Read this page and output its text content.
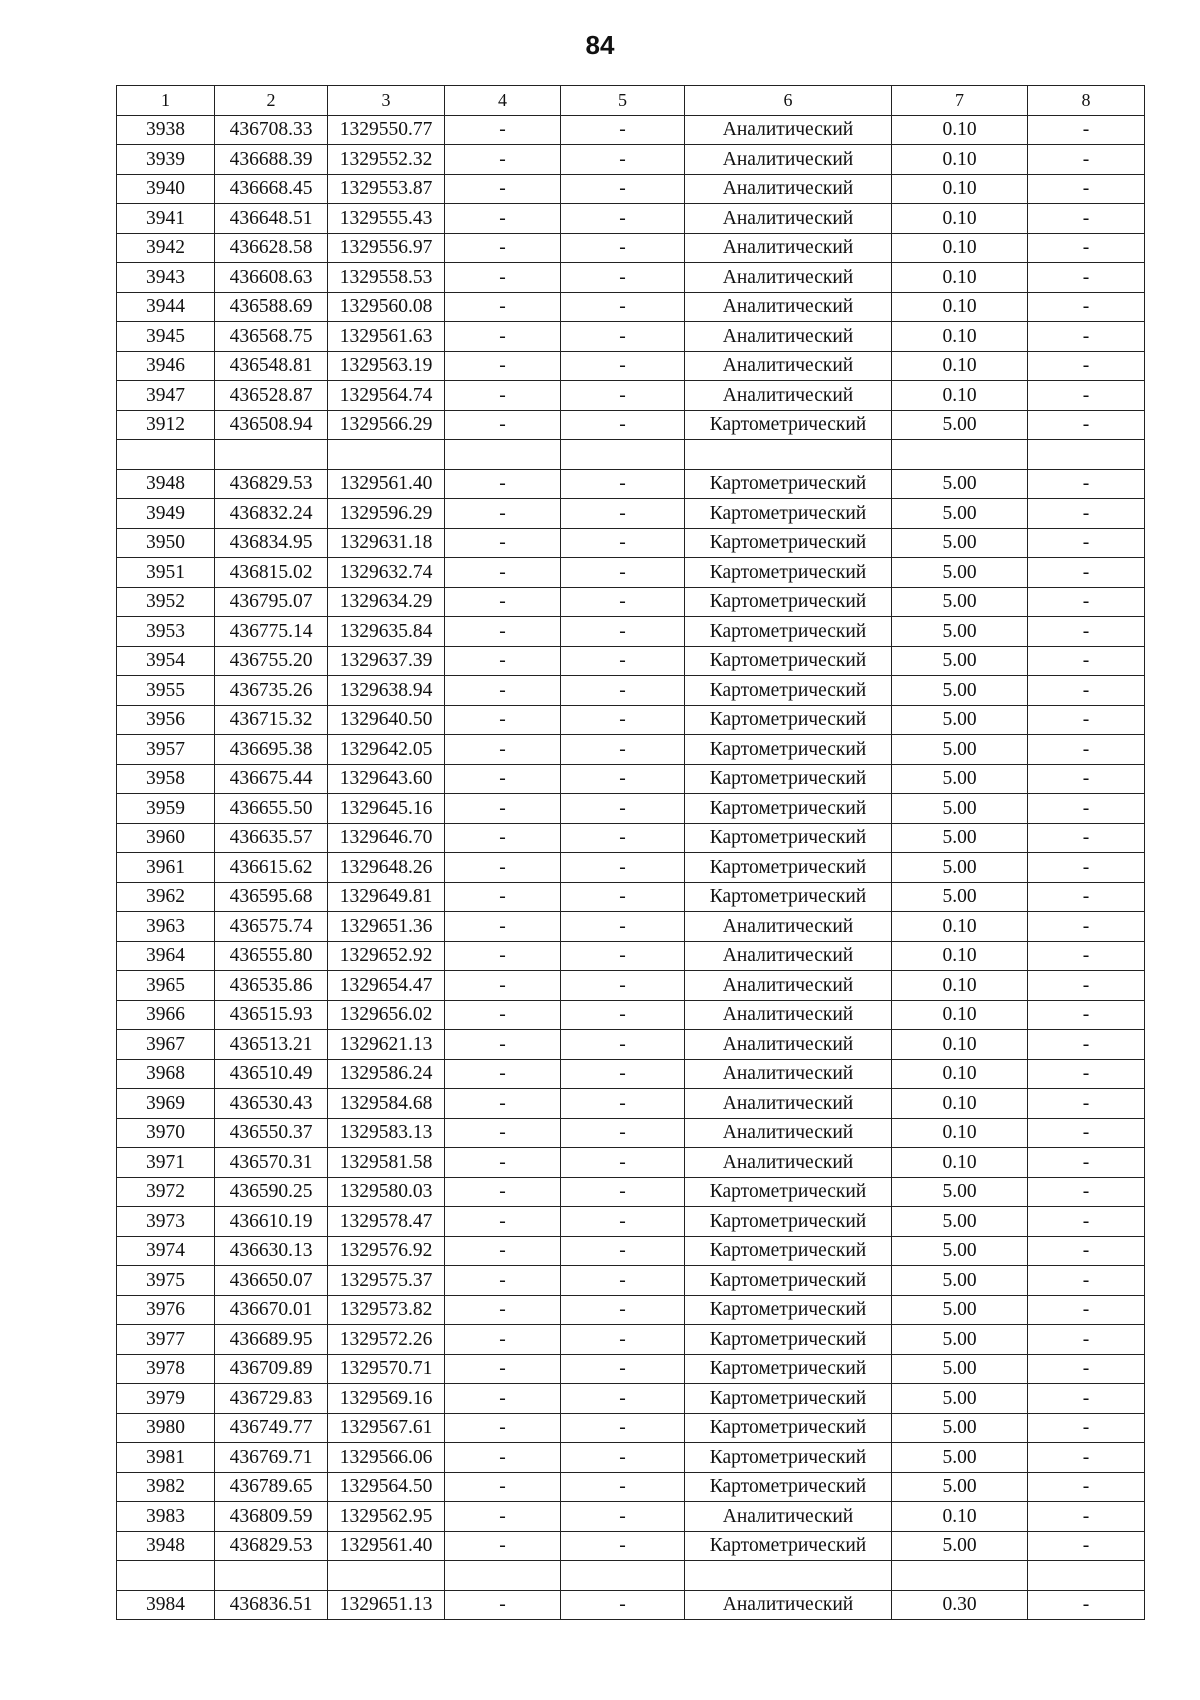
84
1	2	3	4	5	6	7	8
3938	436708.33	1329550.77	-	-	Аналитический	0.10	-
3939	436688.39	1329552.32	-	-	Аналитический	0.10	-
3940	436668.45	1329553.87	-	-	Аналитический	0.10	-
3941	436648.51	1329555.43	-	-	Аналитический	0.10	-
3942	436628.58	1329556.97	-	-	Аналитический	0.10	-
3943	436608.63	1329558.53	-	-	Аналитический	0.10	-
3944	436588.69	1329560.08	-	-	Аналитический	0.10	-
3945	436568.75	1329561.63	-	-	Аналитический	0.10	-
3946	436548.81	1329563.19	-	-	Аналитический	0.10	-
3947	436528.87	1329564.74	-	-	Аналитический	0.10	-
3912	436508.94	1329566.29	-	-	Картометрический	5.00	-

3948	436829.53	1329561.40	-	-	Картометрический	5.00	-
3949	436832.24	1329596.29	-	-	Картометрический	5.00	-
3950	436834.95	1329631.18	-	-	Картометрический	5.00	-
3951	436815.02	1329632.74	-	-	Картометрический	5.00	-
3952	436795.07	1329634.29	-	-	Картометрический	5.00	-
3953	436775.14	1329635.84	-	-	Картометрический	5.00	-
3954	436755.20	1329637.39	-	-	Картометрический	5.00	-
3955	436735.26	1329638.94	-	-	Картометрический	5.00	-
3956	436715.32	1329640.50	-	-	Картометрический	5.00	-
3957	436695.38	1329642.05	-	-	Картометрический	5.00	-
3958	436675.44	1329643.60	-	-	Картометрический	5.00	-
3959	436655.50	1329645.16	-	-	Картометрический	5.00	-
3960	436635.57	1329646.70	-	-	Картометрический	5.00	-
3961	436615.62	1329648.26	-	-	Картометрический	5.00	-
3962	436595.68	1329649.81	-	-	Картометрический	5.00	-
3963	436575.74	1329651.36	-	-	Аналитический	0.10	-
3964	436555.80	1329652.92	-	-	Аналитический	0.10	-
3965	436535.86	1329654.47	-	-	Аналитический	0.10	-
3966	436515.93	1329656.02	-	-	Аналитический	0.10	-
3967	436513.21	1329621.13	-	-	Аналитический	0.10	-
3968	436510.49	1329586.24	-	-	Аналитический	0.10	-
3969	436530.43	1329584.68	-	-	Аналитический	0.10	-
3970	436550.37	1329583.13	-	-	Аналитический	0.10	-
3971	436570.31	1329581.58	-	-	Аналитический	0.10	-
3972	436590.25	1329580.03	-	-	Картометрический	5.00	-
3973	436610.19	1329578.47	-	-	Картометрический	5.00	-
3974	436630.13	1329576.92	-	-	Картометрический	5.00	-
3975	436650.07	1329575.37	-	-	Картометрический	5.00	-
3976	436670.01	1329573.82	-	-	Картометрический	5.00	-
3977	436689.95	1329572.26	-	-	Картометрический	5.00	-
3978	436709.89	1329570.71	-	-	Картометрический	5.00	-
3979	436729.83	1329569.16	-	-	Картометрический	5.00	-
3980	436749.77	1329567.61	-	-	Картометрический	5.00	-
3981	436769.71	1329566.06	-	-	Картометрический	5.00	-
3982	436789.65	1329564.50	-	-	Картометрический	5.00	-
3983	436809.59	1329562.95	-	-	Аналитический	0.10	-
3948	436829.53	1329561.40	-	-	Картометрический	5.00	-

3984	436836.51	1329651.13	-	-	Аналитический	0.30	-
